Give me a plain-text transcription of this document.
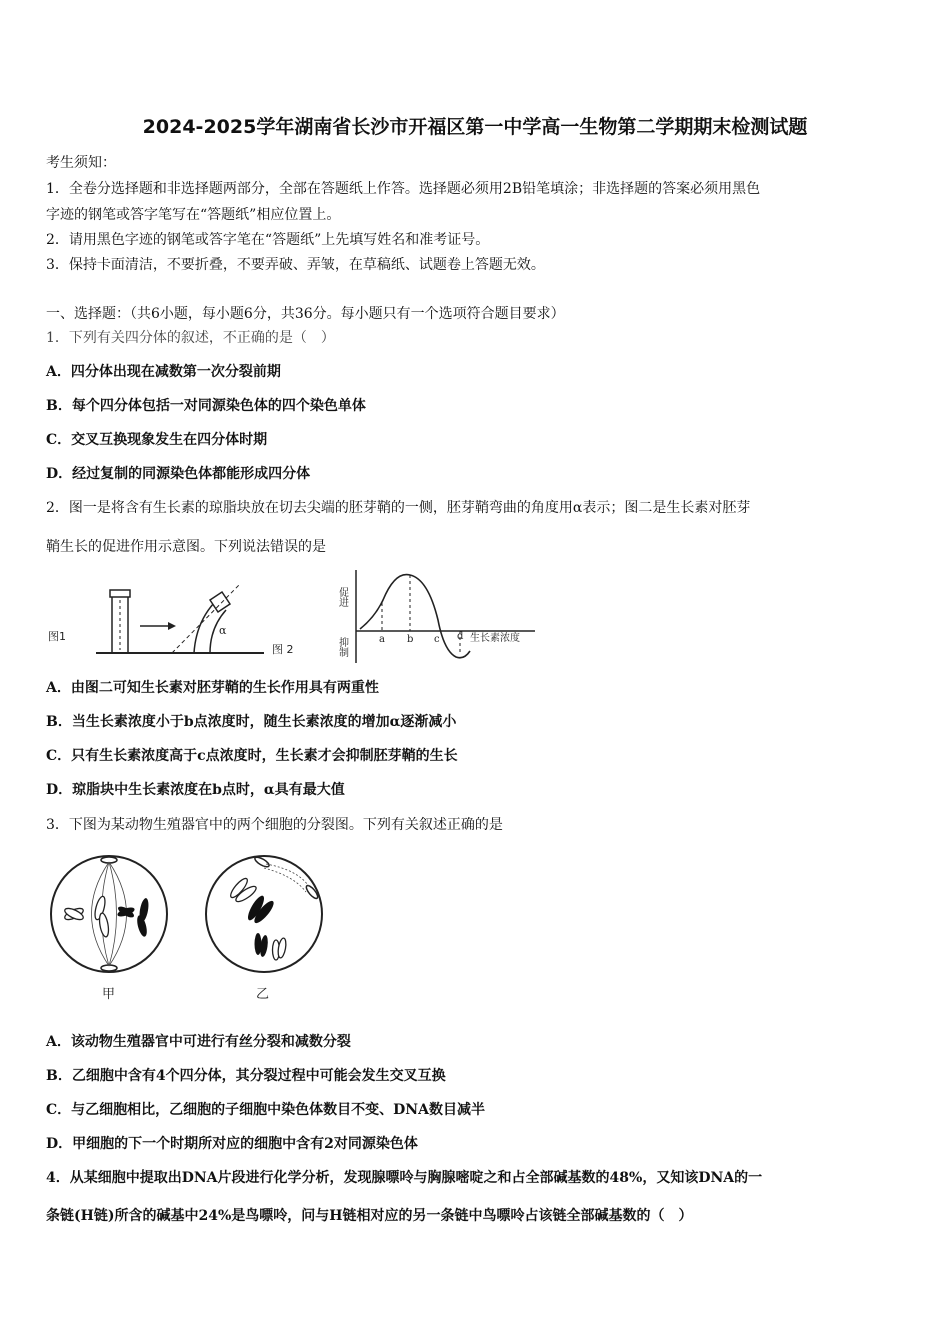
2024-2025学年湖南省长沙市开福区第一中学高一生物第二学期期末检测试题
考生须知：
1．全卷分选择题和非选择题两部分，全部在答题纸上作答。选择题必须用2B铅笔填涂；非选择题的答案必须用黑色
字迹的钢笔或答字笔写在“答题纸”相应位置上。
2．请用黑色字迹的钢笔或答字笔在“答题纸”上先填写姓名和准考证号。
3．保持卡面清洁，不要折叠，不要弄破、弄皱，在草稿纸、试题卷上答题无效。
一、选择题：（共6小题，每小题6分，共36分。每小题只有一个选项符合题目要求）
1．下列有关四分体的叙述，不正确的是（　）
A．四分体出现在减数第一次分裂前期
B．每个四分体包括一对同源染色体的四个染色单体
C．交叉互换现象发生在四分体时期
D．经过复制的同源染色体都能形成四分体
2．图一是将含有生长素的琼脂块放在切去尖端的胚芽鞘的一侧，胚芽鞘弯曲的角度用α表示；图二是生长素对胚芽
鞘生长的促进作用示意图。下列说法错误的是
图1	α
图 2
促进
抑制	a b c d 生长素浓度
A．由图二可知生长素对胚芽鞘的生长作用具有两重性
B．当生长素浓度小于b点浓度时，随生长素浓度的增加α逐渐减小
C．只有生长素浓度高于c点浓度时，生长素才会抑制胚芽鞘的生长
D．琼脂块中生长素浓度在b点时，α具有最大值
3．下图为某动物生殖器官中的两个细胞的分裂图。下列有关叙述正确的是
甲	乙
A．该动物生殖器官中可进行有丝分裂和减数分裂
B．乙细胞中含有4个四分体，其分裂过程中可能会发生交叉互换
C．与乙细胞相比，乙细胞的子细胞中染色体数目不变、DNA数目减半
D．甲细胞的下一个时期所对应的细胞中含有2对同源染色体
4．从某细胞中提取出DNA片段进行化学分析，发现腺嘌呤与胸腺嘧啶之和占全部碱基数的48%，又知该DNA的一
条链(H链)所含的碱基中24%是鸟嘌呤，问与H链相对应的另一条链中鸟嘌呤占该链全部碱基数的（　）
